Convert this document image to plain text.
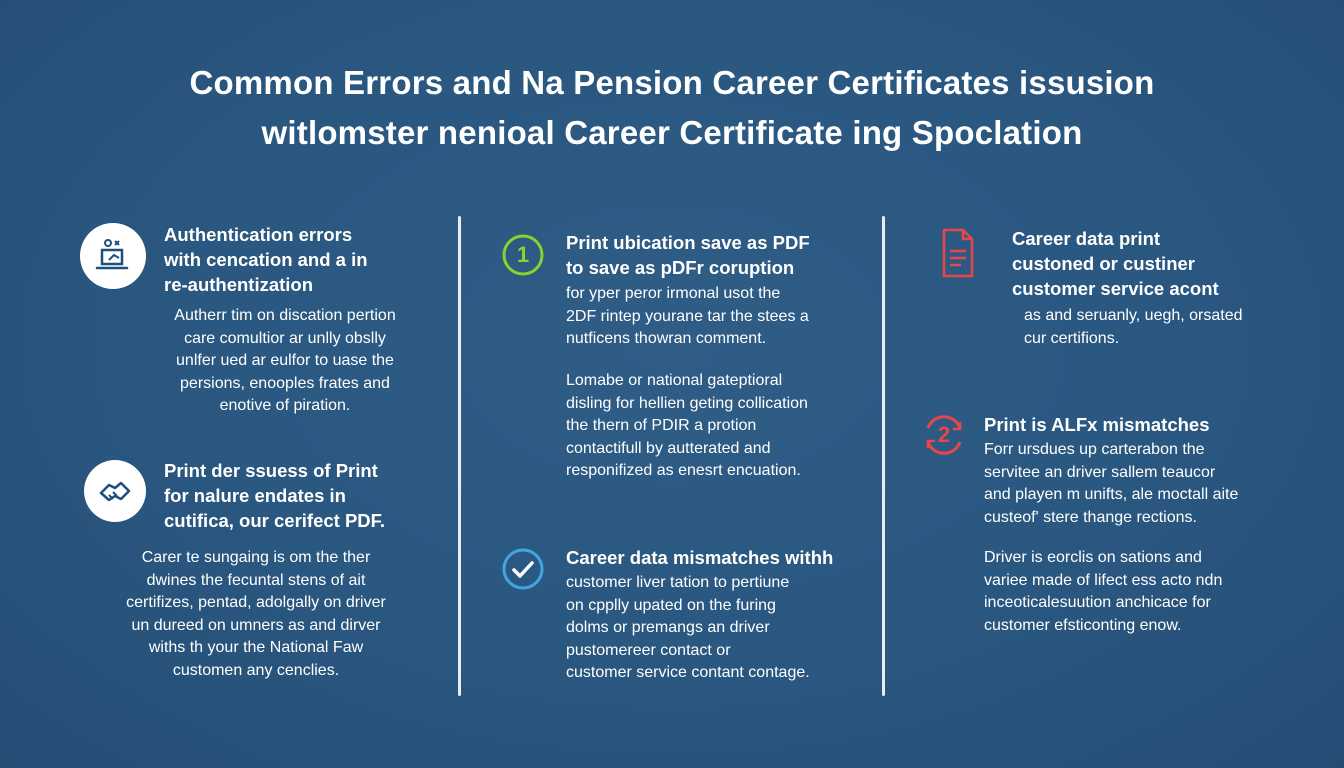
Common Errors and Na Pension Career Certificates issusion
witlomster nenioal Career Certificate ing Spoclation
Authentication errors
with cencation and a in
re-authentization
Autherr tim on discation pertion
care comultior ar unlly obslly
unlfer ued ar eulfor to uase the
persions, enooples frates and
enotive of piration.
Print der ssuess of Print
for nalure endates in
cutifica, our cerifect PDF.
Carer te sungaing is om the ther
dwines the fecuntal stens of ait
certifizes, pentad, adolgally on driver
un dureed on umners as and dirver
withs th your the National Faw
customen any cenclies.
1 Print ubication save as PDF
to save as pDFr coruption
for yper peror irmonal usot the
2DF rintep yourane tar the stees a
nutficens thowran comment.
Lomabe or national gateptioral
disling for hellien geting collication
the thern of PDIR a protion
contactifull by autterated and
responifized as enesrt encuation.
Career data mismatches withh
customer liver tation to pertiune
on cpplly upated on the furing
dolms or premangs an driver
pustomereer contact or
customer service contant contage.
Career data print
custoned or custiner
customer service acont
as and seruanly, uegh, orsated
cur certifions.
2 Print is ALFx mismatches
Forr ursdues up carterabon the
servitee an driver sallem teaucor
and playen m unifts, ale moctall aite
custeof' stere thange rections.
Driver is eorclis on sations and
variee made of lifect ess acto ndn
inceoticalesuution anchicace for
customer efsticonting enow.
